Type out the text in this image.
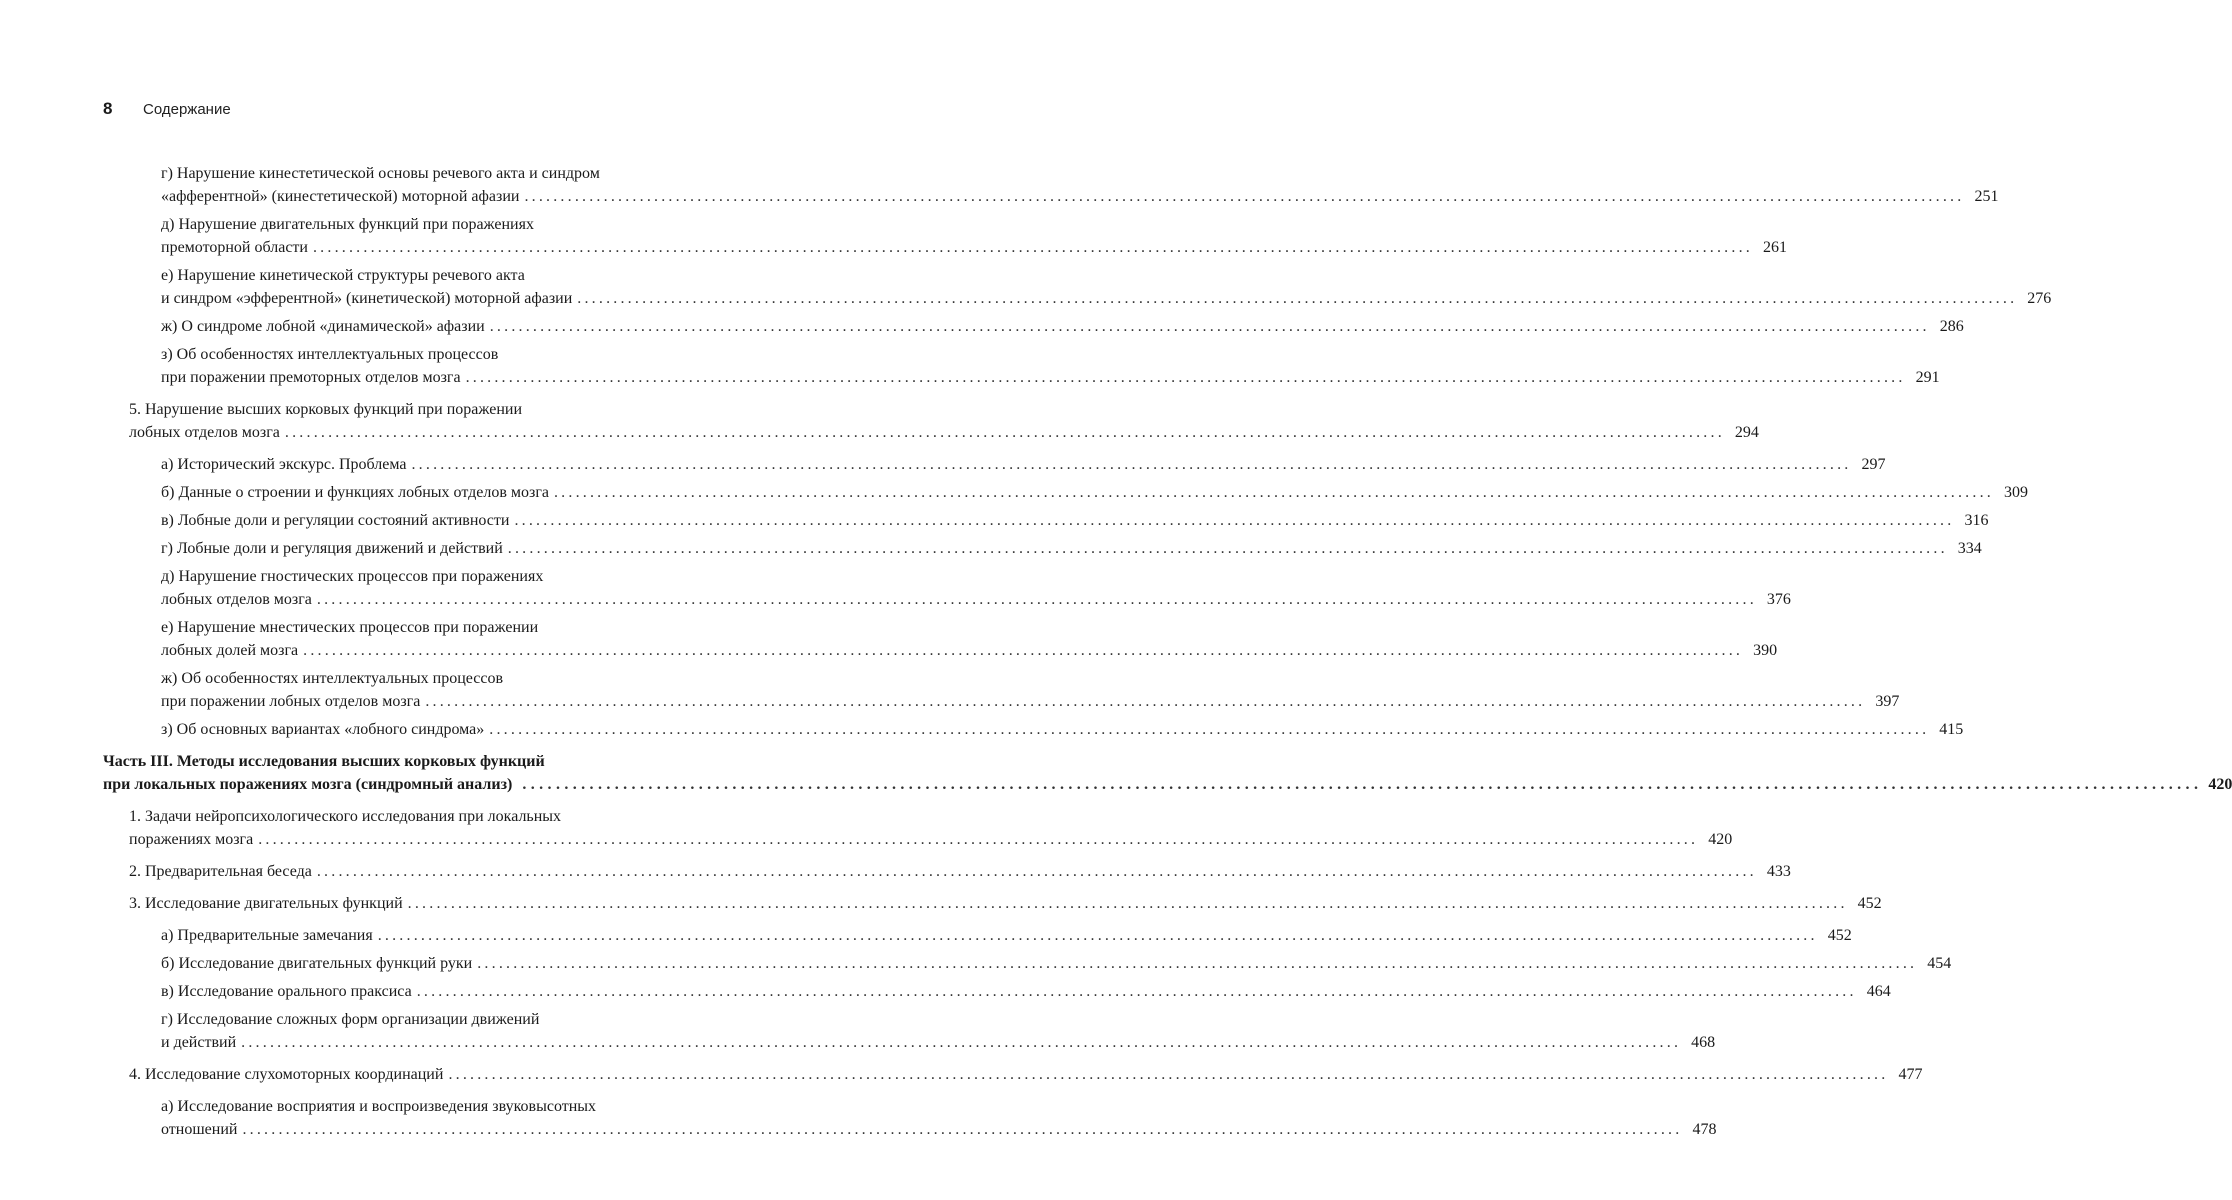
8	Содержание
г) Нарушение кинестетической основы речевого акта и синдром
«афферентной» (кинестетической) моторной афазии ........................................................................................................................................................................................................ 251
д) Нарушение двигательных функций при поражениях
премоторной области ........................................................................................................................................................................................................ 261
е) Нарушение кинетической структуры речевого акта
и синдром «эфферентной» (кинетической) моторной афазии ........................................................................................................................................................................................................ 276
ж) О синдроме лобной «динамической» афазии ........................................................................................................................................................................................................ 286
з) Об особенностях интеллектуальных процессов
при поражении премоторных отделов мозга ........................................................................................................................................................................................................ 291
5. Нарушение высших корковых функций при поражении
лобных отделов мозга ........................................................................................................................................................................................................ 294
а) Исторический экскурс. Проблема ........................................................................................................................................................................................................ 297
б) Данные о строении и функциях лобных отделов мозга ........................................................................................................................................................................................................ 309
в) Лобные доли и регуляции состояний активности ........................................................................................................................................................................................................ 316
г) Лобные доли и регуляция движений и действий ........................................................................................................................................................................................................ 334
д) Нарушение гностических процессов при поражениях
лобных отделов мозга ........................................................................................................................................................................................................ 376
е) Нарушение мнестических процессов при поражении
лобных долей мозга ........................................................................................................................................................................................................ 390
ж) Об особенностях интеллектуальных процессов
при поражении лобных отделов мозга ........................................................................................................................................................................................................ 397
з) Об основных вариантах «лобного синдрома» ........................................................................................................................................................................................................ 415
Часть III. Методы исследования высших корковых функций
при локальных поражениях мозга (синдромный анализ) ........................................................................................................................................................................................................ 420
1. Задачи нейропсихологического исследования при локальных
поражениях мозга ........................................................................................................................................................................................................ 420
2. Предварительная беседа ........................................................................................................................................................................................................ 433
3. Исследование двигательных функций ........................................................................................................................................................................................................ 452
а) Предварительные замечания ........................................................................................................................................................................................................ 452
б) Исследование двигательных функций руки ........................................................................................................................................................................................................ 454
в) Исследование орального праксиса ........................................................................................................................................................................................................ 464
г) Исследование сложных форм организации движений
и действий ........................................................................................................................................................................................................ 468
4. Исследование слухомоторных координаций ........................................................................................................................................................................................................ 477
а) Исследование восприятия и воспроизведения звуковысотных
отношений ........................................................................................................................................................................................................ 478
